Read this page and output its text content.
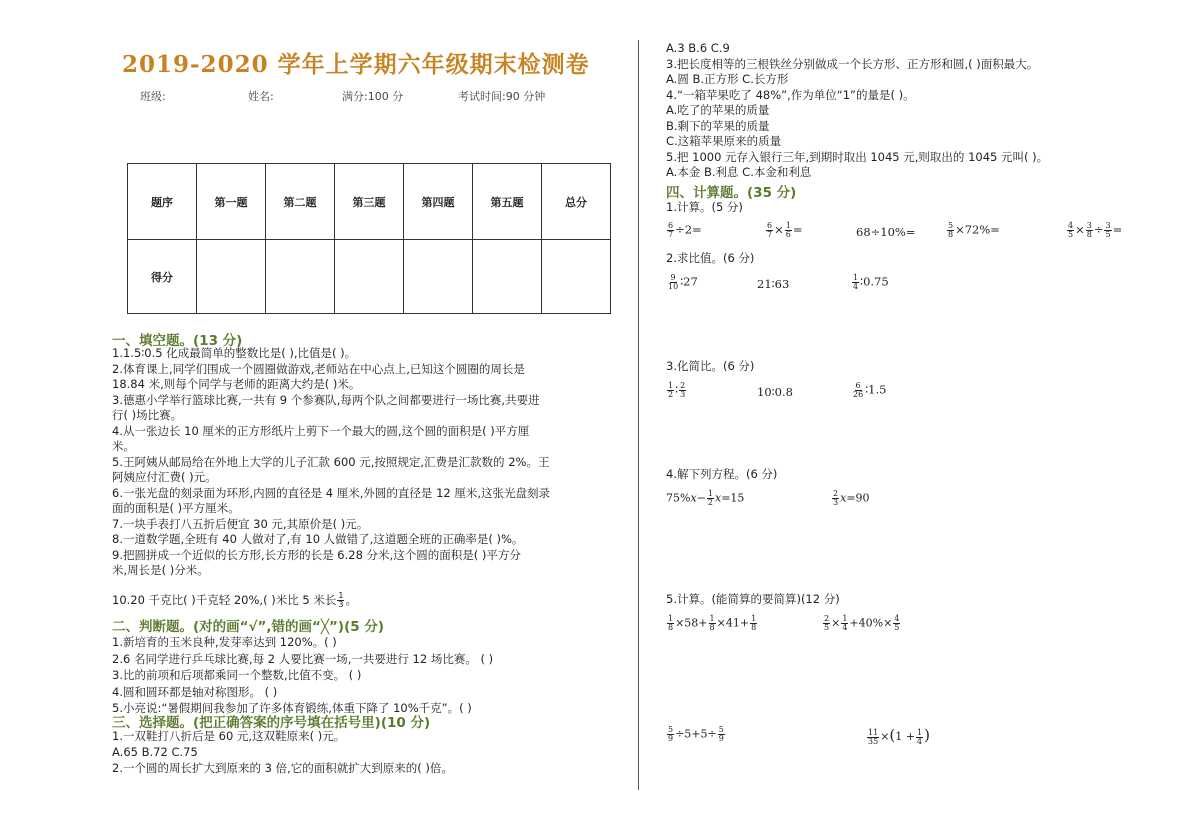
2019-2020 学年上学期六年级期末检测卷
班级:	姓名:	满分:100 分	考试时间:90 分钟
题序	第一题	第二题	第三题	第四题	第五题	总分
得分						
一、填空题。(13 分)
1.1.5∶0.5 化成最简单的整数比是( ),比值是( )。
2.体育课上,同学们围成一个圆圈做游戏,老师站在中心点上,已知这个圆圈的周长是
18.84 米,则每个同学与老师的距离大约是( )米。
3.德惠小学举行篮球比赛,一共有 9 个参赛队,每两个队之间都要进行一场比赛,共要进
行( )场比赛。
4.从一张边长 10 厘米的正方形纸片上剪下一个最大的圆,这个圆的面积是( )平方厘
米。
5.王阿姨从邮局给在外地上大学的儿子汇款 600 元,按照规定,汇费是汇款数的 2%。王
阿姨应付汇费( )元。
6.一张光盘的刻录面为环形,内圆的直径是 4 厘米,外圆的直径是 12 厘米,这张光盘刻录
面的面积是( )平方厘米。
7.一块手表打八五折后便宜 30 元,其原价是( )元。
8.一道数学题,全班有 40 人做对了,有 10 人做错了,这道题全班的正确率是( )%。
9.把圆拼成一个近似的长方形,长方形的长是 6.28 分米,这个圆的面积是( )平方分
米,周长是( )分米。
10.20 千克比( )千克轻 20%,( )米比 5 米长 $\frac{1}{3}$ 。
二、判断题。(对的画“√”,错的画“╳”)(5 分)
1.新培育的玉米良种,发芽率达到 120%。( )
2.6 名同学进行乒乓球比赛,每 2 人要比赛一场,一共要进行 12 场比赛。 ( )
3.比的前项和后项都乘同一个整数,比值不变。 ( )
4.圆和圆环都是轴对称图形。 ( )
5.小亮说:“暑假期间我参加了许多体育锻练,体重下降了 10%千克”。( )
三、选择题。(把正确答案的序号填在括号里)(10 分)
1.一双鞋打八折后是 60 元,这双鞋原来( )元。
A.65 B.72 C.75
2.一个圆的周长扩大到原来的 3 倍,它的面积就扩大到原来的( )倍。
A.3 B.6 C.9
3.把长度相等的三根铁丝分别做成一个长方形、正方形和圆,( )面积最大。
A.圆 B.正方形 C.长方形
4.“一箱苹果吃了 48%”,作为单位“1”的量是( )。
A.吃了的苹果的质量
B.剩下的苹果的质量
C.这箱苹果原来的质量
5.把 1000 元存入银行三年,到期时取出 1045 元,则取出的 1045 元叫( )。
A.本金 B.利息 C.本金和利息
四、计算题。(35 分)
1.计算。(5 分)
$\frac{6}{7} \div 2=$	$\frac{6}{7} \times \frac{1}{6}$ =	68÷10%=	$\frac{5}{8} \times 72\%=$	$\frac{4}{5} \times \frac{3}{8} \div \frac{3}{5}$ =
2.求比值。(6 分)
$\frac{9}{10}$ ∶27	21∶63	$\frac{1}{4}$ ∶0.75
3.化简比。(6 分)
$\frac{1}{2}$ ∶ $\frac{2}{3}$	10∶0.8	$\frac{6}{26}$ ∶1.5
4.解下列方程。(6 分)
$75\%x- \frac{1}{2} x=15$	$\frac{2}{3} x=90$
5.计算。(能简算的要简算)(12 分)
$\frac{1}{8} \times 58+ \frac{1}{8} \times 41+ \frac{1}{8}$	$\frac{2}{5} \times \frac{1}{4} +40\%\times \frac{4}{5}$
$\frac{5}{9} \div 5+5\div \frac{5}{9}$	$\frac{11}{35} \times(1 + \frac{1}{4}$ )
